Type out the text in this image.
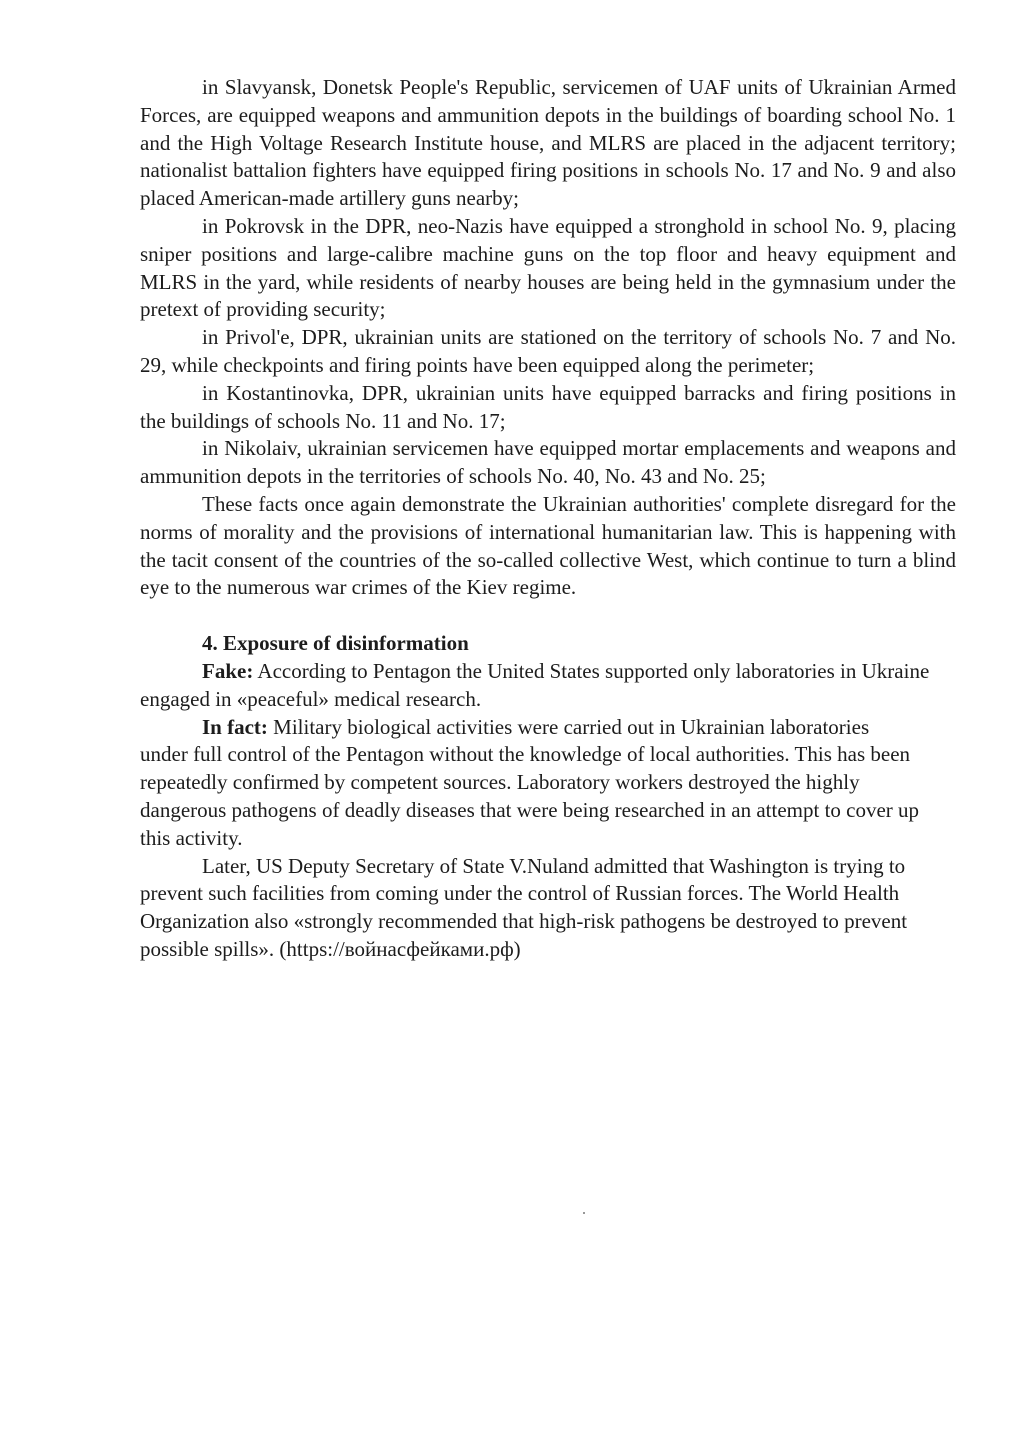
in Slavyansk, Donetsk People's Republic, servicemen of UAF units of Ukrainian Armed Forces, are equipped weapons and ammunition depots in the buildings of boarding school No. 1 and the High Voltage Research Institute house, and MLRS are placed in the adjacent territory; nationalist battalion fighters have equipped firing positions in schools No. 17 and No. 9 and also placed American-made artillery guns nearby;

in Pokrovsk in the DPR, neo-Nazis have equipped a stronghold in school No. 9, placing sniper positions and large-calibre machine guns on the top floor and heavy equipment and MLRS in the yard, while residents of nearby houses are being held in the gymnasium under the pretext of providing security;

in Privol'e, DPR, ukrainian units are stationed on the territory of schools No. 7 and No. 29, while checkpoints and firing points have been equipped along the perimeter;

in Kostantinovka, DPR, ukrainian units have equipped barracks and firing positions in the buildings of schools No. 11 and No. 17;

in Nikolaiv, ukrainian servicemen have equipped mortar emplacements and weapons and ammunition depots in the territories of schools No. 40, No. 43 and No. 25;

These facts once again demonstrate the Ukrainian authorities' complete disregard for the norms of morality and the provisions of international humanitarian law. This is happening with the tacit consent of the countries of the so-called collective West, which continue to turn a blind eye to the numerous war crimes of the Kiev regime.

4. Exposure of disinformation

Fake: According to Pentagon the United States supported only laboratories in Ukraine engaged in «peaceful» medical research.

In fact: Military biological activities were carried out in Ukrainian laboratories under full control of the Pentagon without the knowledge of local authorities. This has been repeatedly confirmed by competent sources. Laboratory workers destroyed the highly dangerous pathogens of deadly diseases that were being researched in an attempt to cover up this activity.

Later, US Deputy Secretary of State V.Nuland admitted that Washington is trying to prevent such facilities from coming under the control of Russian forces. The World Health Organization also «strongly recommended that high-risk pathogens be destroyed to prevent possible spills». (https://войнасфейками.рф)
